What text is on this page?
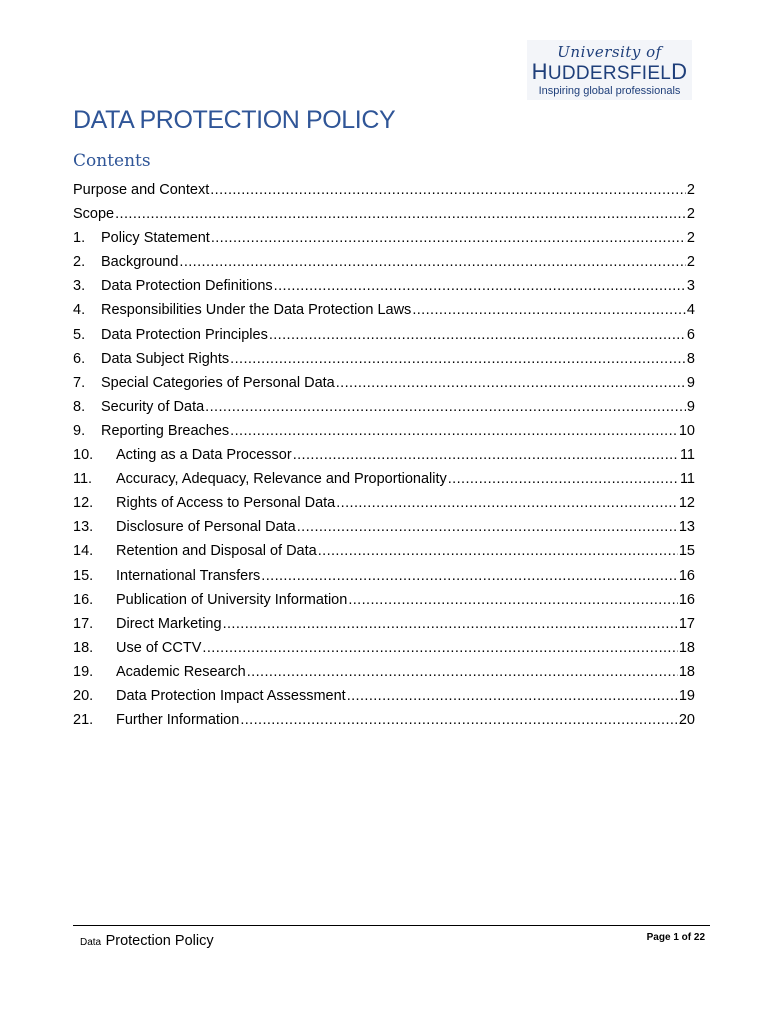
University of
HUDDERSFIELD
Inspiring global professionals
DATA PROTECTION POLICY
Contents
Purpose and Context .....	2
Scope .....	2
1.	Policy Statement .....	2
2.	Background .....	2
3.	Data Protection Definitions .....	3
4.	Responsibilities Under the Data Protection Laws .....	4
5.	Data Protection Principles .....	6
6.	Data Subject Rights .....	8
7.	Special Categories of Personal Data .....	9
8.	Security of Data .....	9
9.	Reporting Breaches .....	10
10.	Acting as a Data Processor .....	11
11.	Accuracy, Adequacy, Relevance and Proportionality .....	11
12.	Rights of Access to Personal Data .....	12
13.	Disclosure of Personal Data .....	13
14.	Retention and Disposal of Data .....	15
15.	International Transfers .....	16
16.	Publication of University Information .....	16
17.	Direct Marketing .....	17
18.	Use of CCTV .....	18
19.	Academic Research .....	18
20.	Data Protection Impact Assessment .....	19
21.	Further Information .....	20
Data Protection Policy	Page 1 of 22
